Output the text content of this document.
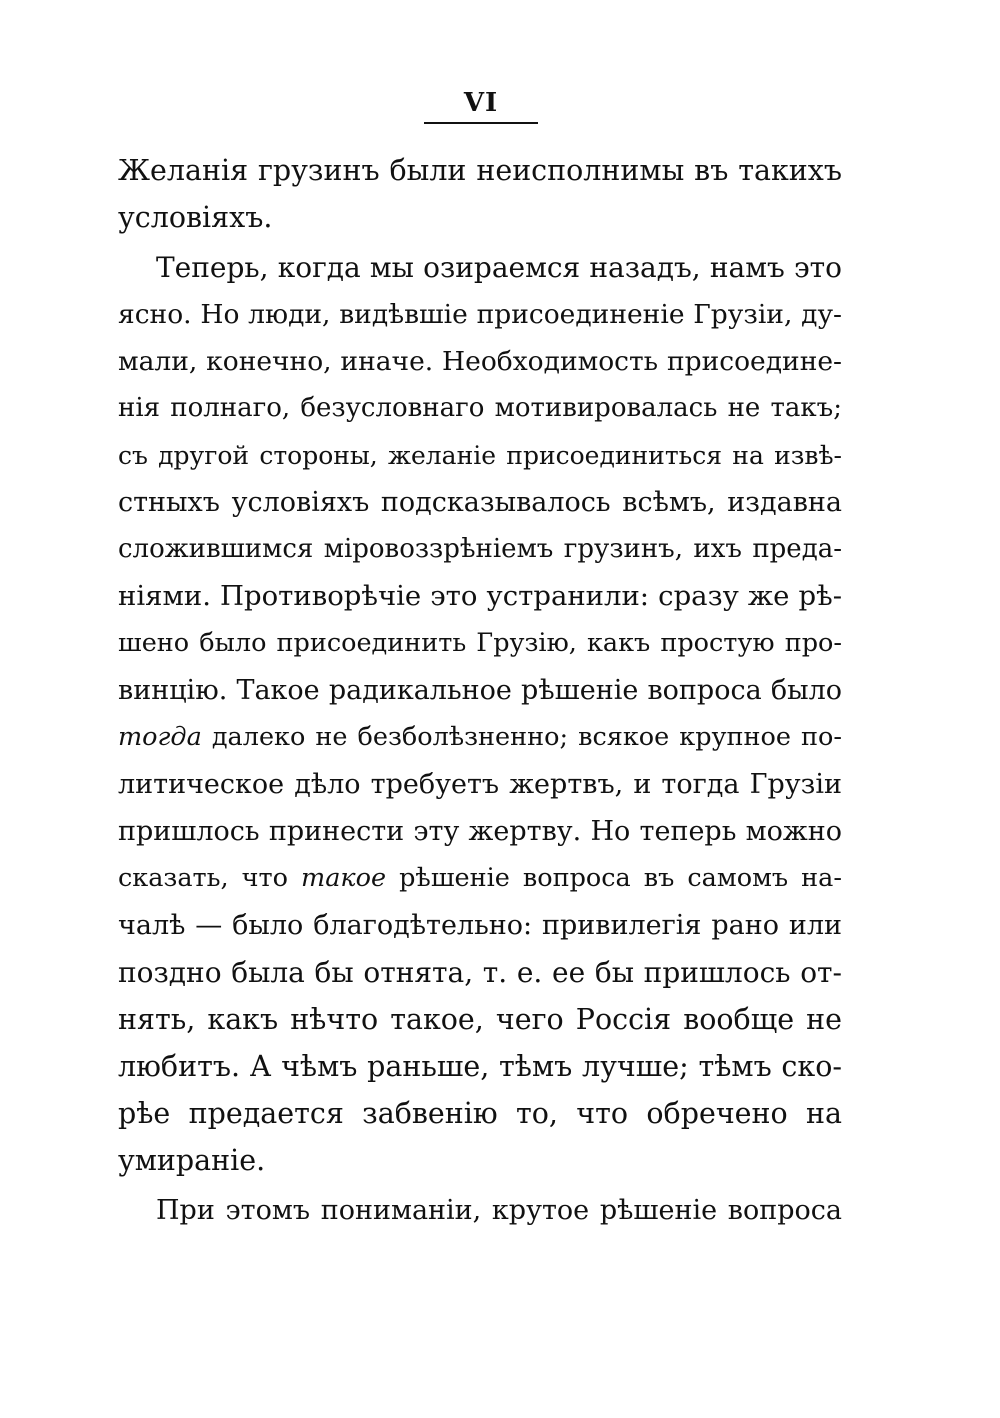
VI
Желанія грузинъ были неисполнимы въ такихъ
условіяхъ.
Теперь, когда мы озираемся назадъ, намъ это
ясно. Но люди, видѣвшіе присоединеніе Грузіи, ду-
мали, конечно, иначе. Необходимость присоедине-
нія полнаго, безусловнаго мотивировалась не такъ;
съ другой стороны, желаніе присоединиться на извѣ-
стныхъ условіяхъ подсказывалось всѣмъ, издавна
сложившимся міровоззрѣніемъ грузинъ, ихъ преда-
ніями. Противорѣчіе это устранили: сразу же рѣ-
шено было присоединить Грузію, какъ простую про-
винцію. Такое радикальное рѣшеніе вопроса было
тогда далеко не безболѣзненно; всякое крупное по-
литическое дѣло требуетъ жертвъ, и тогда Грузіи
пришлось принести эту жертву. Но теперь можно
сказать, что такое рѣшеніе вопроса въ самомъ на-
чалѣ — было благодѣтельно: привилегія рано или
поздно была бы отнята, т. е. ее бы пришлось от-
нять, какъ нѣчто такое, чего Россія вообще не
любитъ. А чѣмъ раньше, тѣмъ лучше; тѣмъ ско-
рѣе предается забвенію то, что обречено на
умираніе.
При этомъ пониманіи, крутое рѣшеніе вопроса
